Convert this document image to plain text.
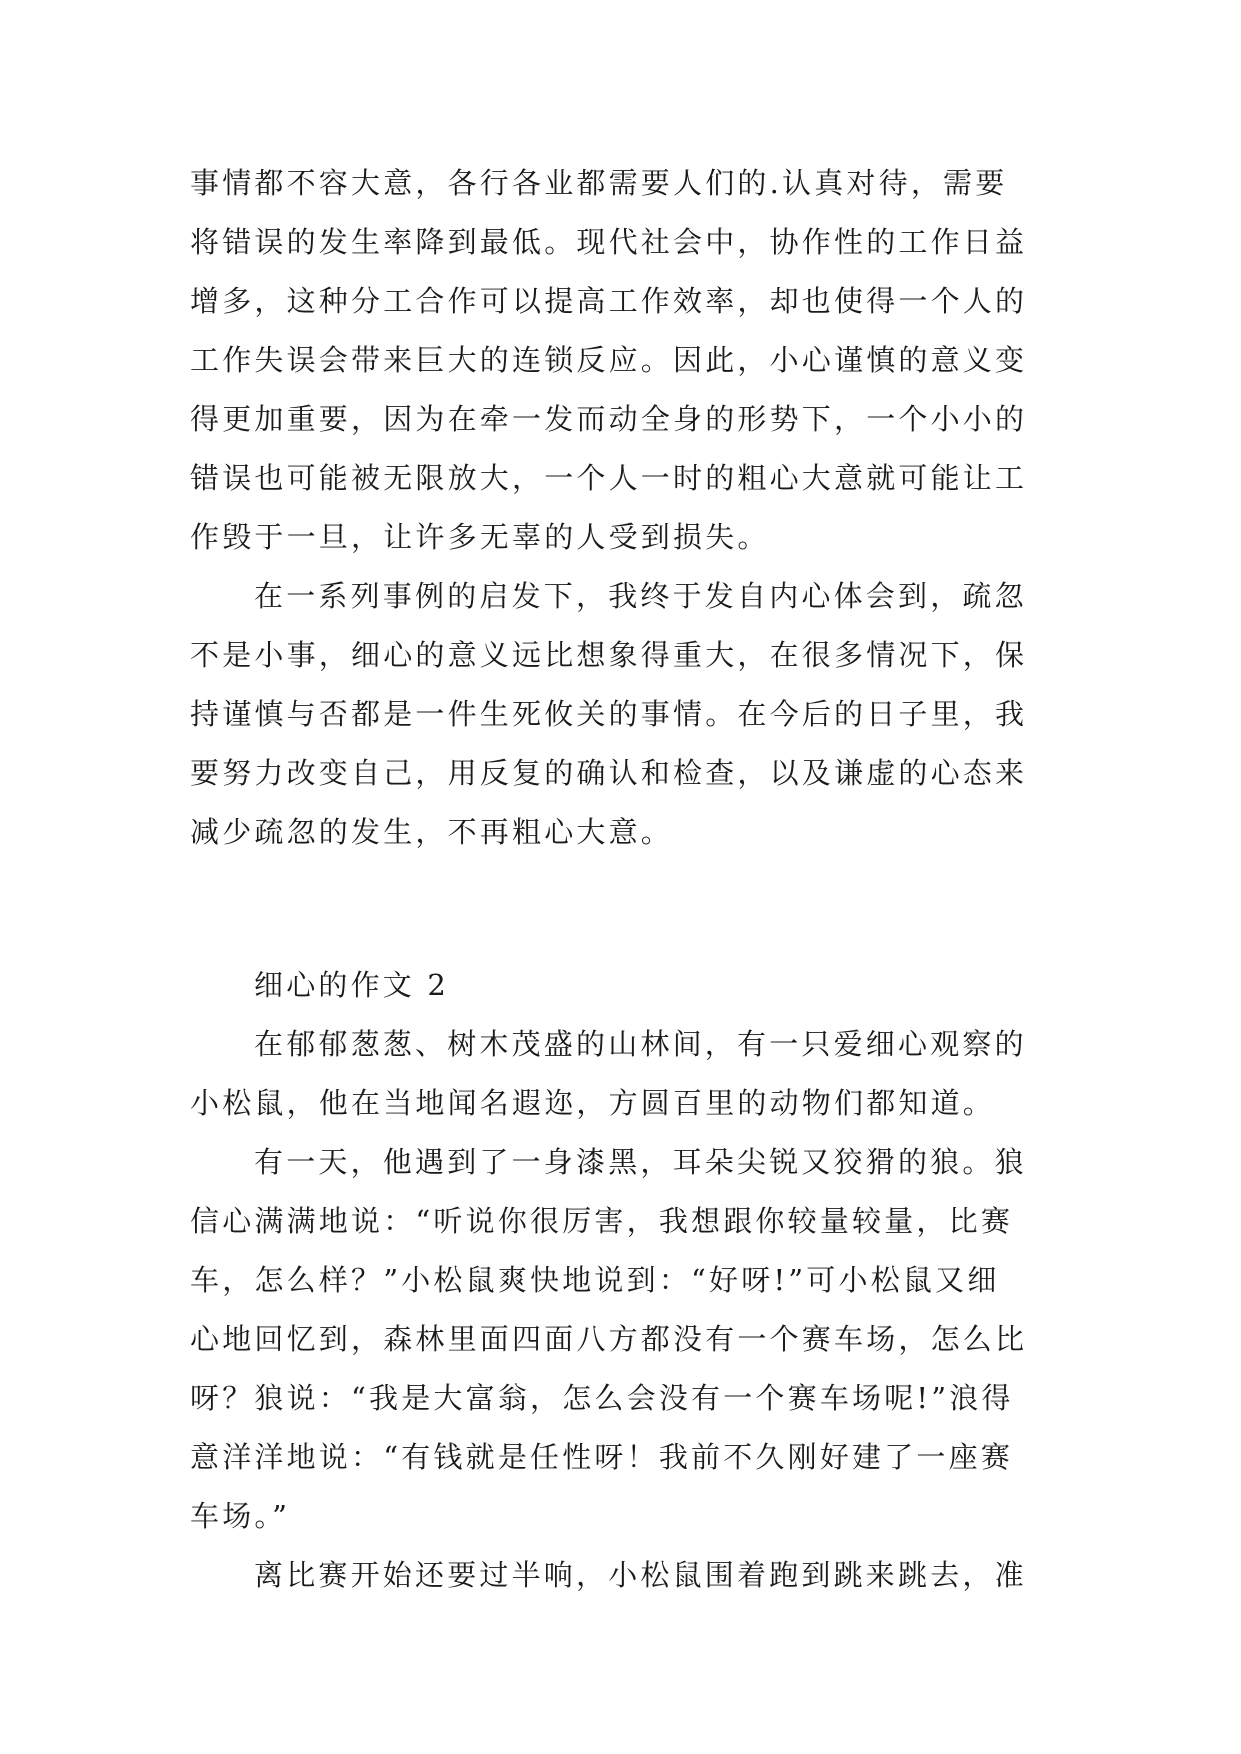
事情都不容大意，各行各业都需要人们的.认真对待，需要
将错误的发生率降到最低。现代社会中，协作性的工作日益
增多，这种分工合作可以提高工作效率，却也使得一个人的
工作失误会带来巨大的连锁反应。因此，小心谨慎的意义变
得更加重要，因为在牵一发而动全身的形势下，一个小小的
错误也可能被无限放大，一个人一时的粗心大意就可能让工
作毁于一旦，让许多无辜的人受到损失。
在一系列事例的启发下，我终于发自内心体会到，疏忽
不是小事，细心的意义远比想象得重大，在很多情况下，保
持谨慎与否都是一件生死攸关的事情。在今后的日子里，我
要努力改变自己，用反复的确认和检查，以及谦虚的心态来
减少疏忽的发生，不再粗心大意。
细心的作文 2
在郁郁葱葱、树木茂盛的山林间，有一只爱细心观察的
小松鼠，他在当地闻名遐迩，方圆百里的动物们都知道。
有一天，他遇到了一身漆黑，耳朵尖锐又狡猾的狼。狼
信心满满地说：“听说你很厉害，我想跟你较量较量，比赛
车，怎么样？”小松鼠爽快地说到：“好呀!”可小松鼠又细
心地回忆到，森林里面四面八方都没有一个赛车场，怎么比
呀？狼说：“我是大富翁，怎么会没有一个赛车场呢!”浪得
意洋洋地说：“有钱就是任性呀！我前不久刚好建了一座赛
车场。”
离比赛开始还要过半响，小松鼠围着跑到跳来跳去，准
